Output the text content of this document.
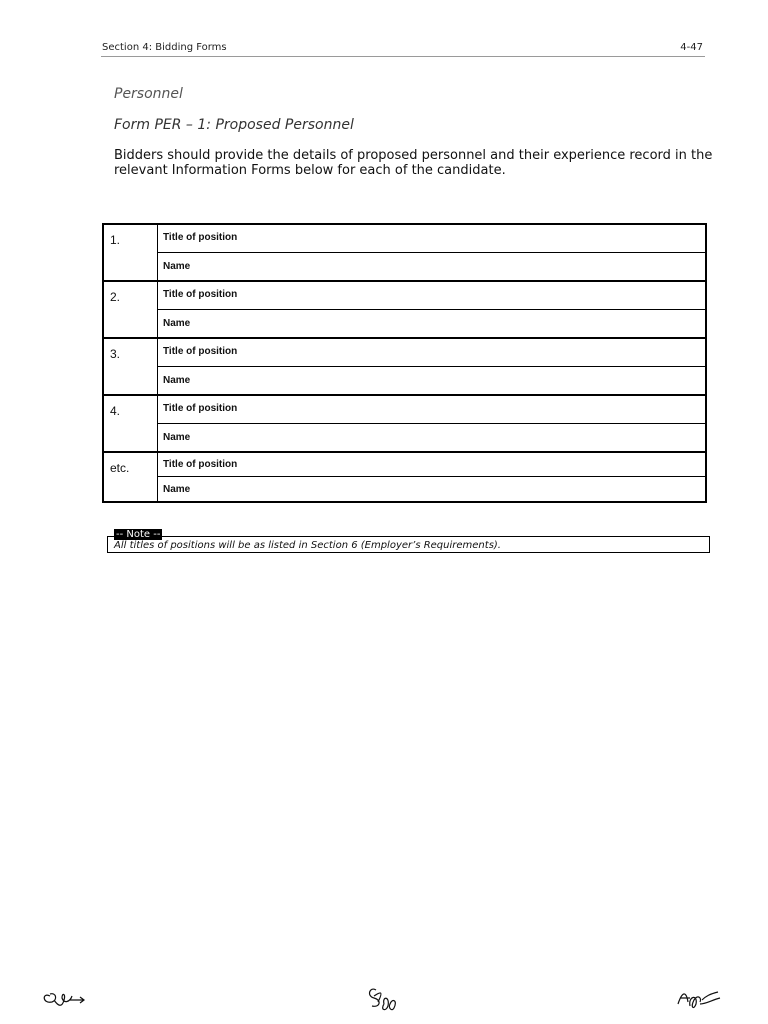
Section 4: Bidding Forms	4-47
Personnel
Form PER – 1: Proposed Personnel
Bidders should provide the details of proposed personnel and their experience record in the relevant Information Forms below for each of the candidate.
1.	Title of position
	Name
2.	Title of position
	Name
3.	Title of position
	Name
4.	Title of position
	Name
etc.	Title of position
	Name
All titles of positions will be as listed in Section 6 (Employer’s Requirements).
-- Note --
